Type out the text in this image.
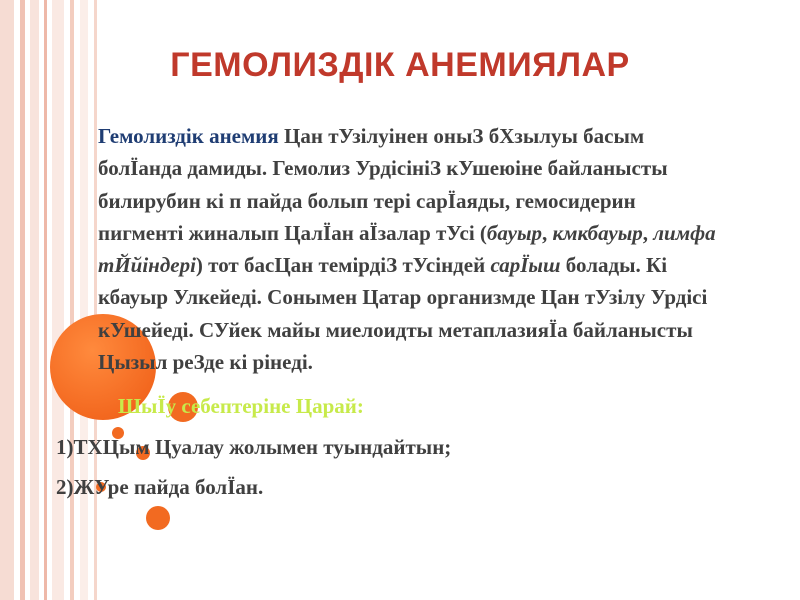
ГЕМОЛИЗДІК АНЕМИЯЛАР

Гемолиздік анемия Цан тУзілуінен оныЗ бХзылуы басым болЇанда дамиды. Гемолиз УрдісініЗ кУшеюіне байланысты билирубин кі п пайда болып тері сарЇаяды, гемосидерин пигменті жиналып ЦалЇан аЇзалар тУсі (бауыр, кмкбауыр, лимфа тЙйіндері) тот басЦан темірдіЗ тУсіндей сарЇыш болады. Кі кбауыр Улкейеді. Сонымен Цатар организмде Цан тУзілу Урдісі кУшейеді. СУйек майы миелоидты метаплазияЇа байланысты Цызыл реЗде кі рінеді.

ШыЇу себептеріне Царай:

1)ТХЦым Цуалау жолымен туындайтын;

2)ЖУре пайда болЇан.
